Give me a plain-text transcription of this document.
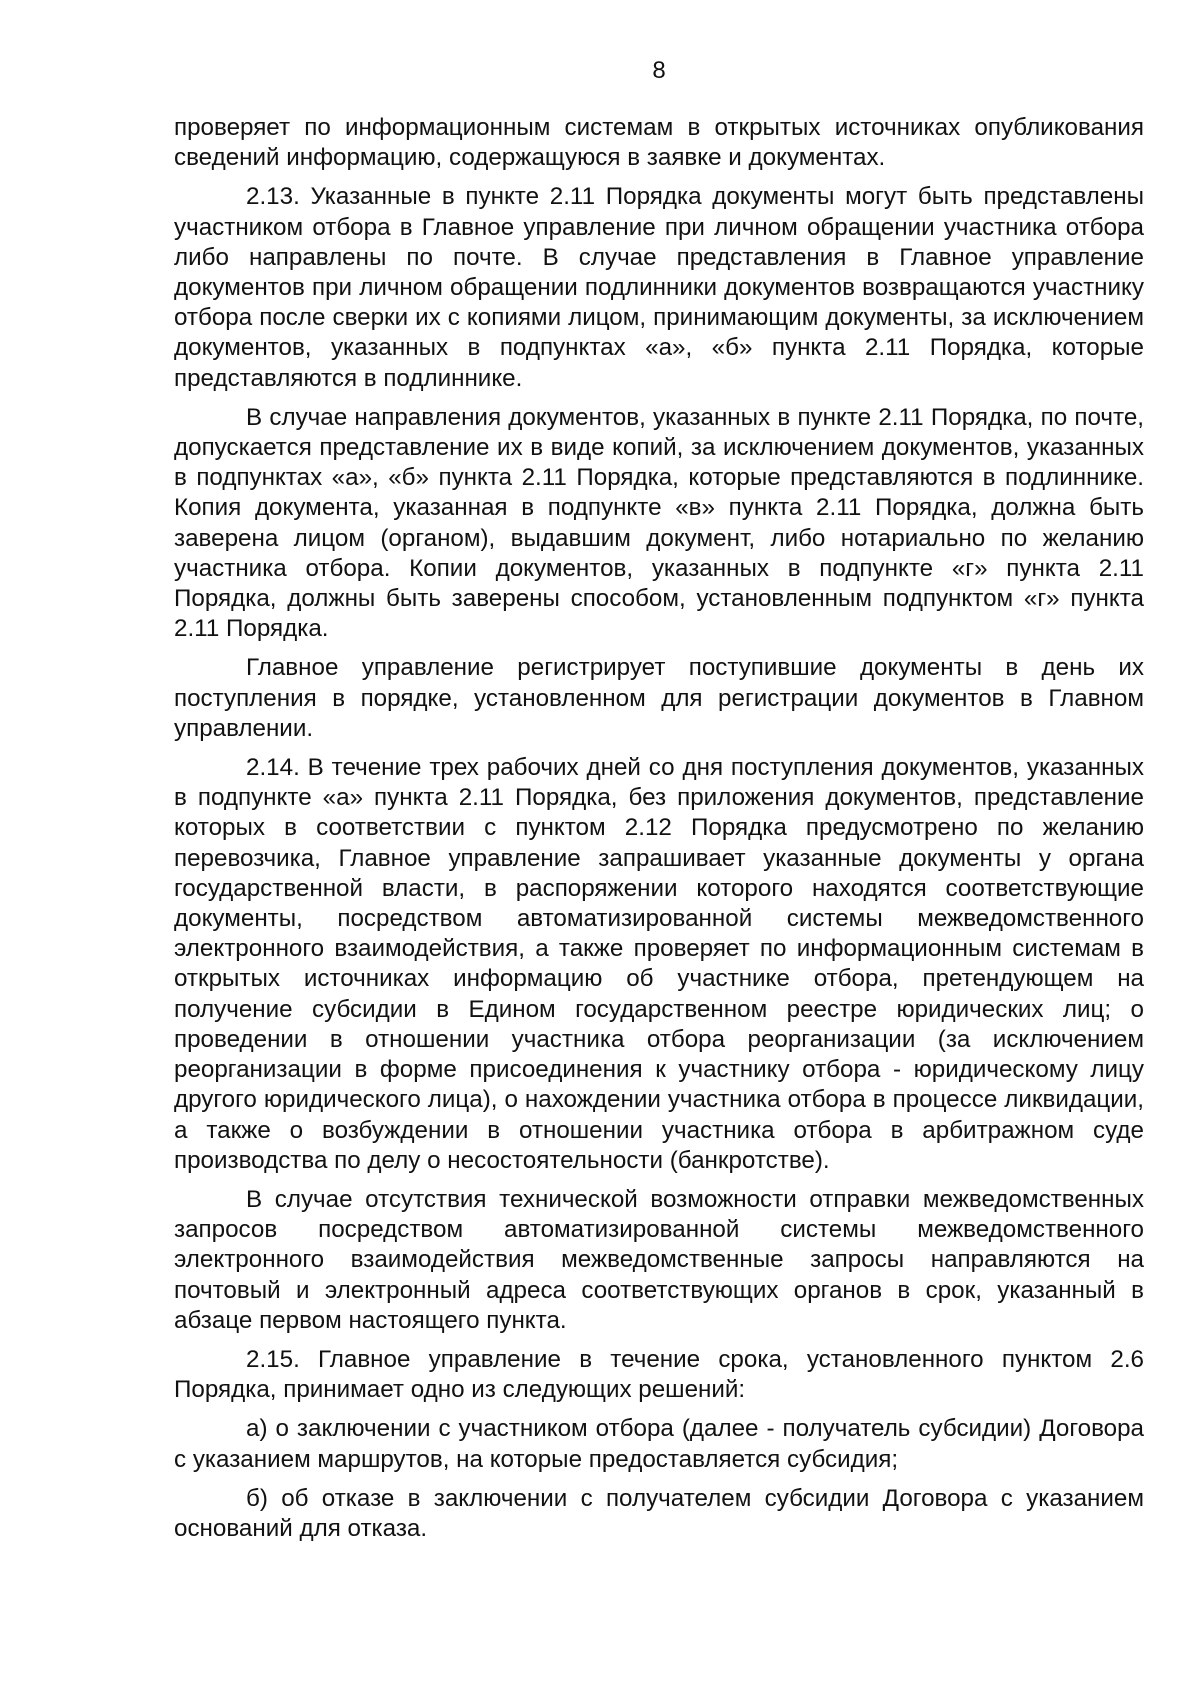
8

проверяет по информационным системам в открытых источниках опубликования сведений информацию, содержащуюся в заявке и документах.

2.13. Указанные в пункте 2.11 Порядка документы могут быть представлены участником отбора в Главное управление при личном обращении участника отбора либо направлены по почте. В случае представления в Главное управление документов при личном обращении подлинники документов возвращаются участнику отбора после сверки их с копиями лицом, принимающим документы, за исключением документов, указанных в подпунктах «а», «б» пункта 2.11 Порядка, которые представляются в подлиннике.

В случае направления документов, указанных в пункте 2.11 Порядка, по почте, допускается представление их в виде копий, за исключением документов, указанных в подпунктах «а», «б» пункта 2.11 Порядка, которые представляются в подлиннике. Копия документа, указанная в подпункте «в» пункта 2.11 Порядка, должна быть заверена лицом (органом), выдавшим документ, либо нотариально по желанию участника отбора. Копии документов, указанных в подпункте «г» пункта 2.11 Порядка, должны быть заверены способом, установленным подпунктом «г» пункта 2.11 Порядка.

Главное управление регистрирует поступившие документы в день их поступления в порядке, установленном для регистрации документов в Главном управлении.

2.14. В течение трех рабочих дней со дня поступления документов, указанных в подпункте «а» пункта 2.11 Порядка, без приложения документов, представление которых в соответствии с пунктом 2.12 Порядка предусмотрено по желанию перевозчика, Главное управление запрашивает указанные документы у органа государственной власти, в распоряжении которого находятся соответствующие документы, посредством автоматизированной системы межведомственного электронного взаимодействия, а также проверяет по информационным системам в открытых источниках информацию об участнике отбора, претендующем на получение субсидии в Едином государственном реестре юридических лиц; о проведении в отношении участника отбора реорганизации (за исключением реорганизации в форме присоединения к участнику отбора - юридическому лицу другого юридического лица), о нахождении участника отбора в процессе ликвидации, а также о возбуждении в отношении участника отбора в арбитражном суде производства по делу о несостоятельности (банкротстве).

В случае отсутствия технической возможности отправки межведомственных запросов посредством автоматизированной системы межведомственного электронного взаимодействия межведомственные запросы направляются на почтовый и электронный адреса соответствующих органов в срок, указанный в абзаце первом настоящего пункта.

2.15. Главное управление в течение срока, установленного пунктом 2.6 Порядка, принимает одно из следующих решений:

а) о заключении с участником отбора (далее - получатель субсидии) Договора с указанием маршрутов, на которые предоставляется субсидия;

б) об отказе в заключении с получателем субсидии Договора с указанием оснований для отказа.
